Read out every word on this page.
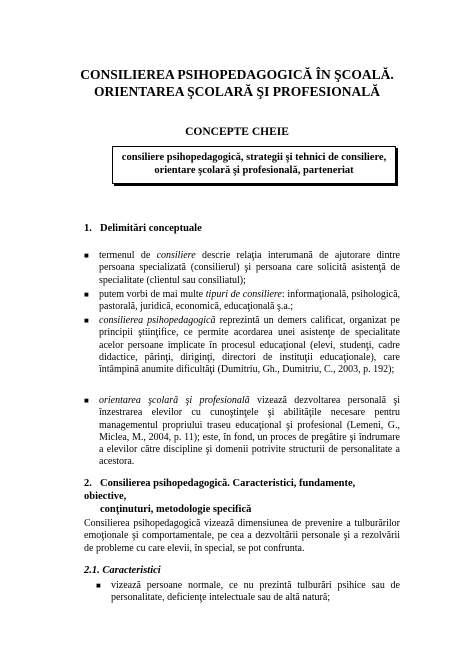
CONSILIEREA PSIHOPEDAGOGICĂ ÎN ŞCOALĂ.
ORIENTAREA ŞCOLARĂ ŞI PROFESIONALĂ
CONCEPTE CHEIE
consiliere psihopedagogică, strategii şi tehnici de consiliere,
orientare şcolară şi profesională, parteneriat
1. Delimitări conceptuale
■ termenul de consiliere descrie relaţia interumană de ajutorare dintre persoana specializată (consilierul) şi persoana care solicită asistenţă de specialitate (clientul sau consiliatul);
■ putem vorbi de mai multe tipuri de consiliere: informaţională, psihologică, pastorală, juridică, economică, educaţională ş.a.;
■ consilierea psihopedagogică reprezintă un demers calificat, organizat pe principii ştiinţifice, ce permite acordarea unei asistenţe de specialitate acelor persoane implicate în procesul educaţional (elevi, studenţi, cadre didactice, părinţi, diriginţi, directori de instituţii educaţionale), care întâmpină anumite dificultăţi (Dumitriu, Gh., Dumitriu, C., 2003, p. 192);
■ orientarea şcolară şi profesională vizează dezvoltarea personală şi înzestrarea elevilor cu cunoştinţele şi abilităţile necesare pentru managementul propriului traseu educaţional şi profesional (Lemeni, G., Miclea, M., 2004, p. 11); este, în fond, un proces de pregătire şi îndrumare a elevilor către discipline şi domenii potrivite structurii de personalitate a acestora.
2. Consilierea psihopedagogică. Caracteristici, fundamente, obiective,
conţinuturi, metodologie specifică
Consilierea psihopedagogică vizează dimensiunea de prevenire a tulburărilor emoţionale şi comportamentale, pe cea a dezvoltării personale şi a rezolvării de probleme cu care elevii, în special, se pot confrunta.
2.1. Caracteristici
■ vizează persoane normale, ce nu prezintă tulburări psihice sau de personalitate, deficienţe intelectuale sau de altă natură;
